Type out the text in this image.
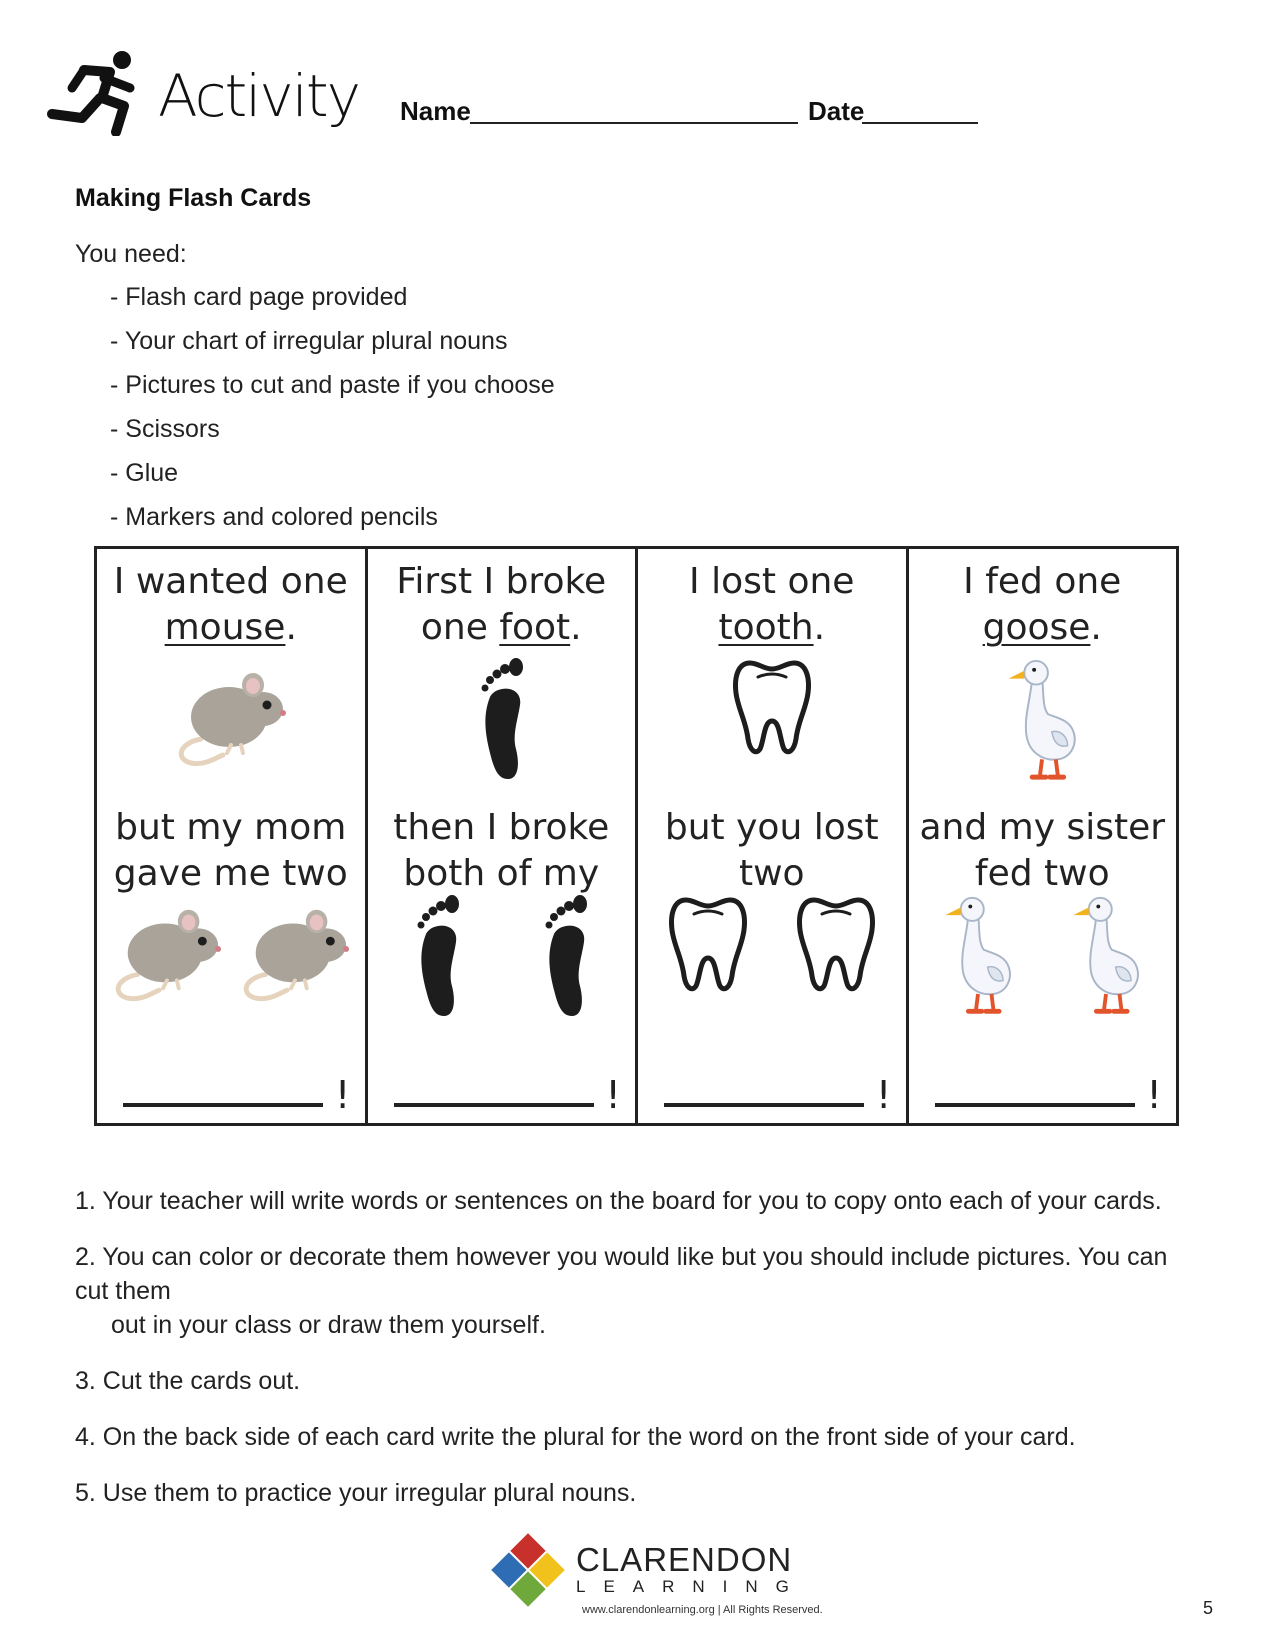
Activity Name	Date
Making Flash Cards
You need:
- Flash card page provided
- Your chart of irregular plural nouns
- Pictures to cut and paste if you choose
- Scissors
- Glue
- Markers and colored pencils
I wanted one
mouse.
but my mom
gave me two
!
First I broke
one foot.
then I broke
both of my
!
I lost one
tooth.
but you lost
two
!
I fed one
goose.
and my sister
fed two
!
1. Your teacher will write words or sentences on the board for you to copy onto each of your cards.
2. You can color or decorate them however you would like but you should include pictures. You can cut them
out in your class or draw them yourself.
3. Cut the cards out.
4. On the back side of each card write the plural for the word on the front side of your card.
5. Use them to practice your irregular plural nouns.
CLARENDON
LEARNING
www.clarendonlearning.org | All Rights Reserved.	5
